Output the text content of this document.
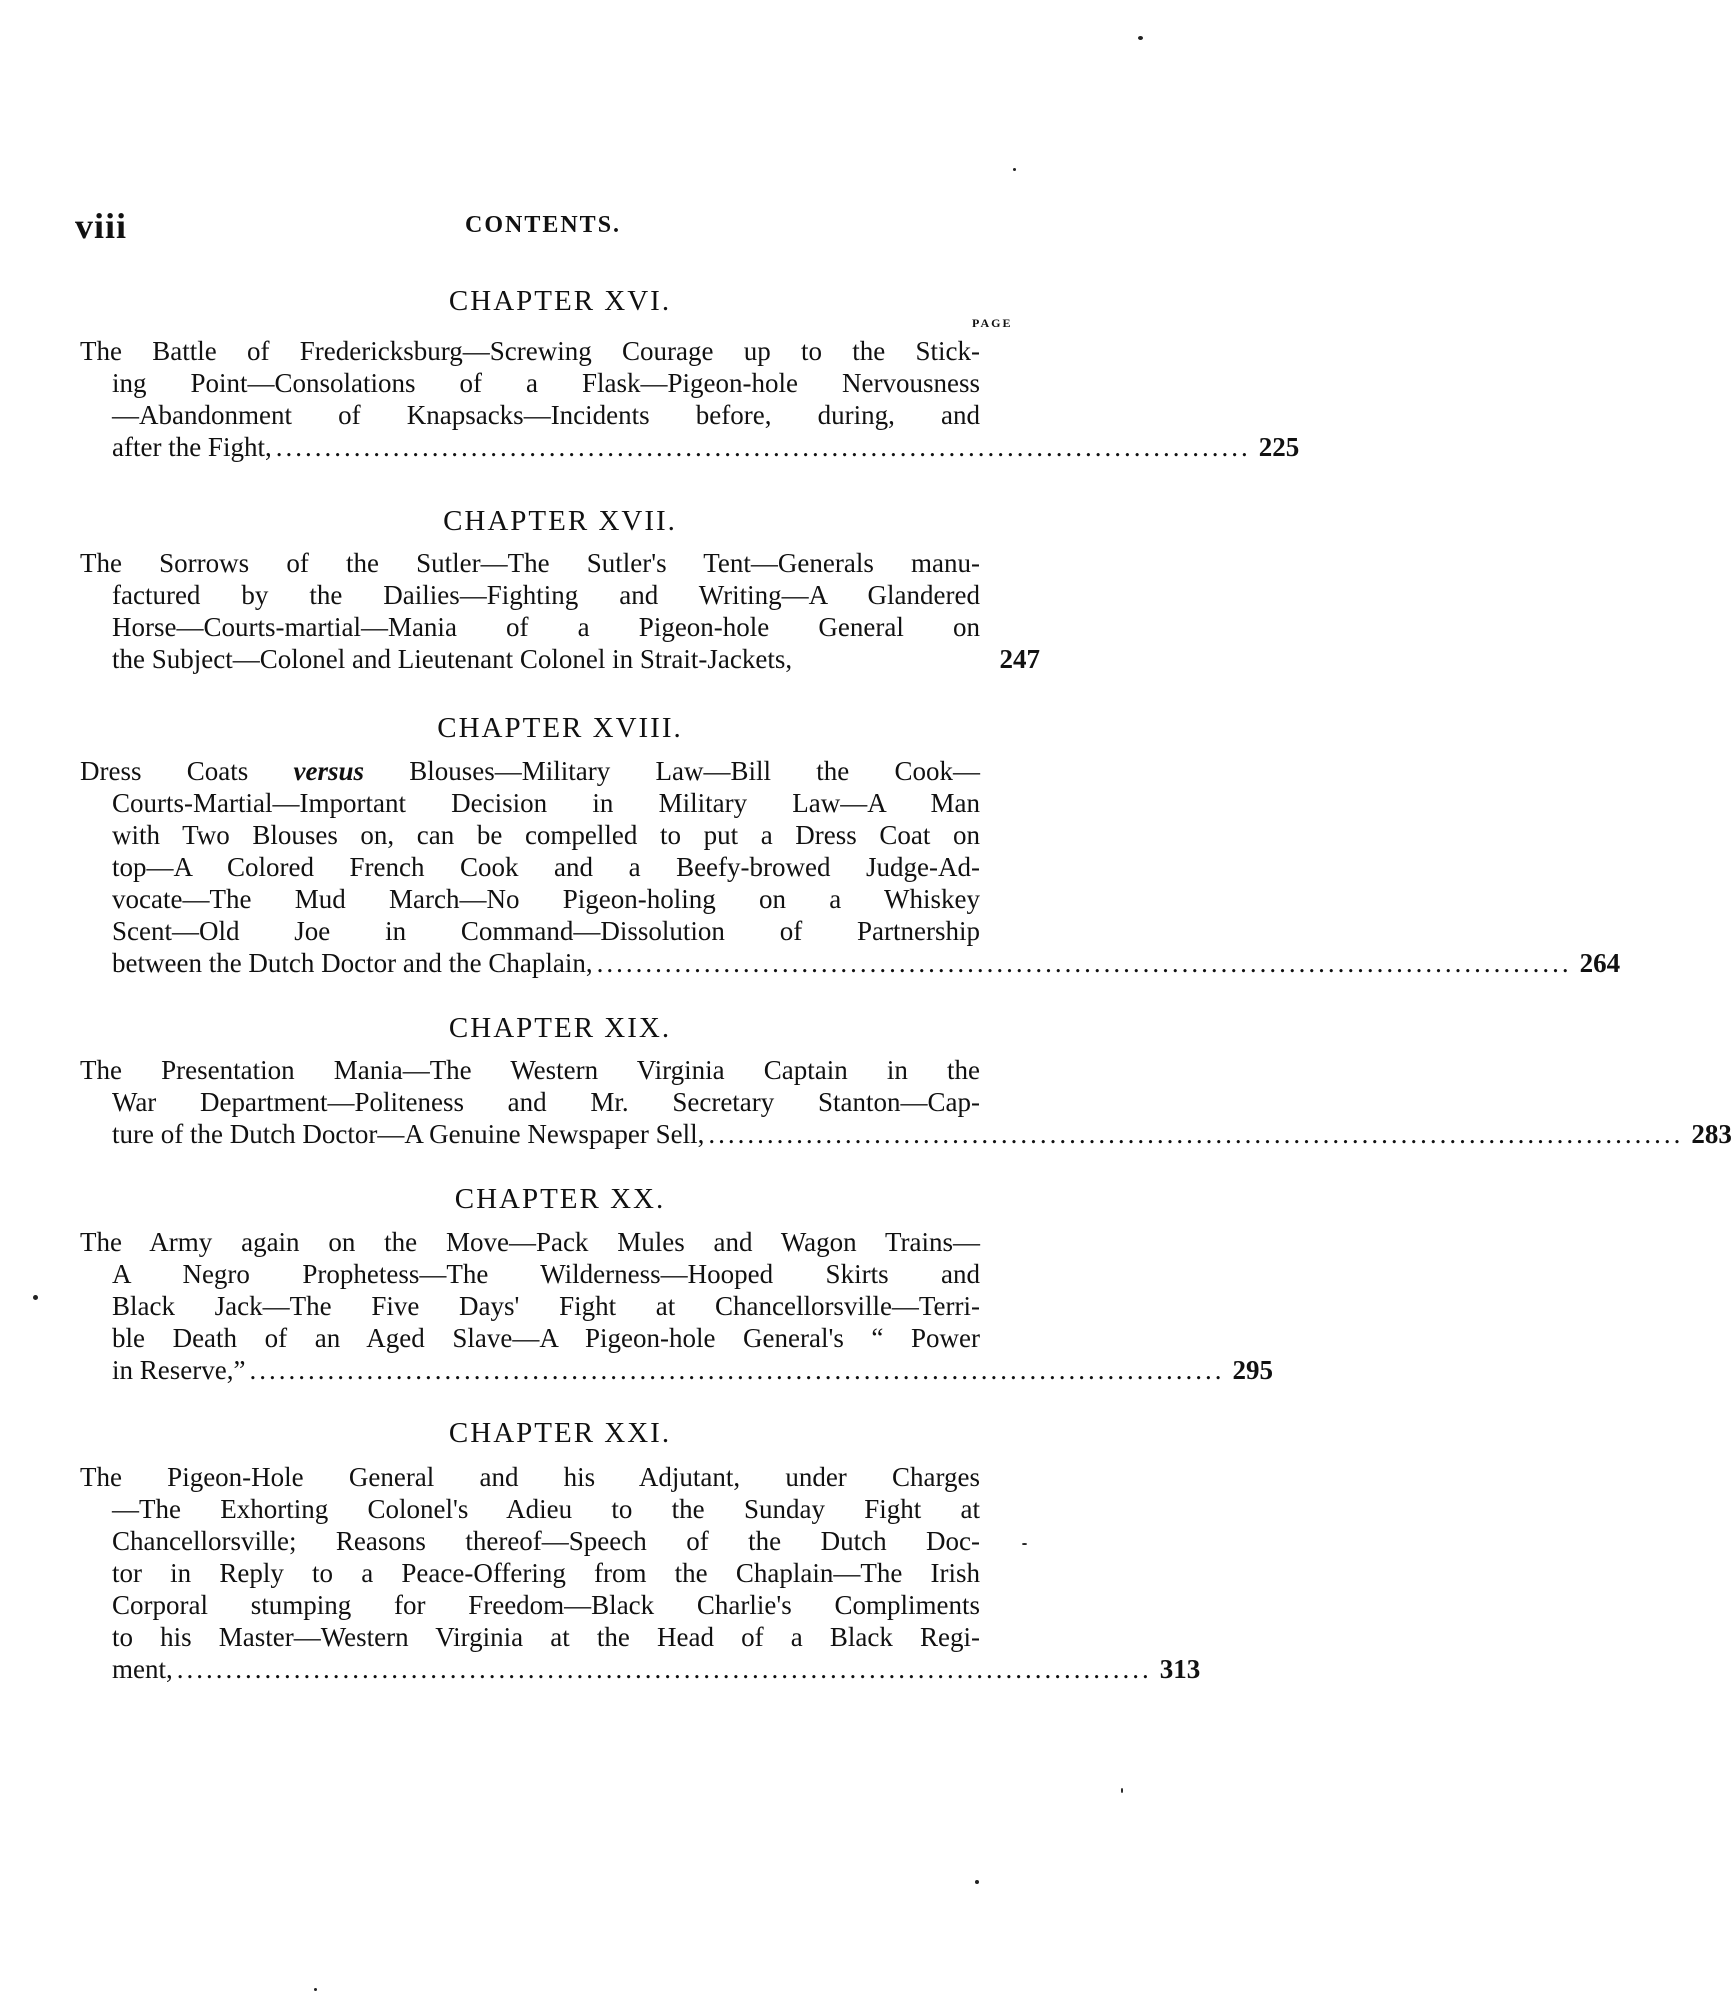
viii	CONTENTS.
CHAPTER XVI.
PAGE
The Battle of Fredericksburg—Screwing Courage up to the Stick-
ing Point—Consolations of a Flask—Pigeon-hole Nervousness
—Abandonment of Knapsacks—Incidents before, during, and
after the Fight, .................................................................................................... 225
CHAPTER XVII.
The Sorrows of the Sutler—The Sutler's Tent—Generals manu-
factured by the Dailies—Fighting and Writing—A Glandered
Horse—Courts-martial—Mania of a Pigeon-hole General on
the Subject—Colonel and Lieutenant Colonel in Strait-Jackets,	247
CHAPTER XVIII.
Dress Coats versus Blouses—Military Law—Bill the Cook—
Courts-Martial—Important Decision in Military Law—A Man
with Two Blouses on, can be compelled to put a Dress Coat on
top—A Colored French Cook and a Beefy-browed Judge-Ad-
vocate—The Mud March—No Pigeon-holing on a Whiskey
Scent—Old Joe in Command—Dissolution of Partnership
between the Dutch Doctor and the Chaplain, .................................................................................................... 264
CHAPTER XIX.
The Presentation Mania—The Western Virginia Captain in the
War Department—Politeness and Mr. Secretary Stanton—Cap-
ture of the Dutch Doctor—A Genuine Newspaper Sell, .................................................................................................... 283
CHAPTER XX.
The Army again on the Move—Pack Mules and Wagon Trains—
A Negro Prophetess—The Wilderness—Hooped Skirts and
Black Jack—The Five Days' Fight at Chancellorsville—Terri-
ble Death of an Aged Slave—A Pigeon-hole General's “ Power
in Reserve,” .................................................................................................... 295
CHAPTER XXI.
The Pigeon-Hole General and his Adjutant, under Charges
—The Exhorting Colonel's Adieu to the Sunday Fight at
Chancellorsville; Reasons thereof—Speech of the Dutch Doc-
tor in Reply to a Peace-Offering from the Chaplain—The Irish
Corporal stumping for Freedom—Black Charlie's Compliments
to his Master—Western Virginia at the Head of a Black Regi-
ment, .................................................................................................... 313
